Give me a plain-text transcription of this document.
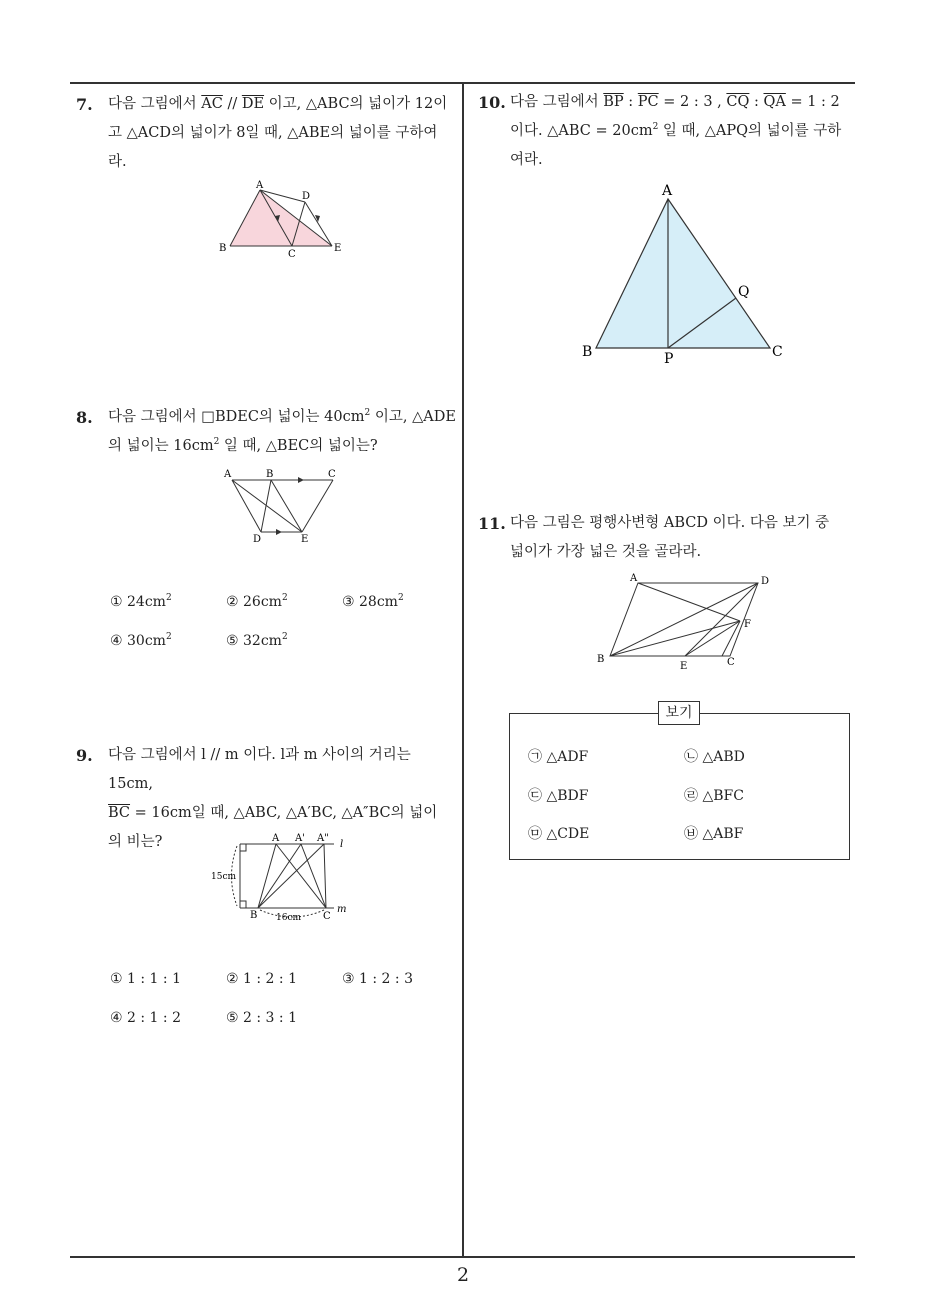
7. 다음 그림에서 $\overline{AC} // \overline{DE}$ 이고, △ABC의 넓이가 12이
고 △ACD의 넓이가 8일 때, △ABE의 넓이를 구하여
라.
A
D
B
C
E
8. 다음 그림에서 □BDEC의 넓이는 $40cm^2$ 이고, △ADE
의 넓이는 $16cm^2$ 일 때, △BEC의 넓이는?
A	B	C
D	E
① $24cm^2$	② $26cm^2$	③ $28cm^2$
④ $30cm^2$	⑤ $32cm^2$
9. 다음 그림에서 l // m 이다. l과 m 사이의 거리는 15cm,
$\overline{BC} = 16cm$일 때, △ABC, △A′BC, △A″BC의 넓이
의 비는?	A A' A"
l
m
B	C
15cm
16cm
① 1 : 1 : 1	② 1 : 2 : 1	③ 1 : 2 : 3
④ 2 : 1 : 2	⑤ 2 : 3 : 1
10. 다음 그림에서 $\overline{BP}$ : $\overline{PC} = 2$ : 3 , $\overline{CQ}$ : $\overline{QA} = 1$ : 2
이다. △ABC = $20cm^2$ 일 때, △APQ의 넓이를 구하
여라.
A
Q
B	P	C
11. 다음 그림은 평행사변형 ABCD 이다. 다음 보기 중
넓이가 가장 넓은 것을 골라라.
A	D
F
B
E	C
보기
㉠ △ADF	㉡ △ABD
㉢ △BDF	㉣ △BFC
㉤ △CDE	㉥ △ABF
2
